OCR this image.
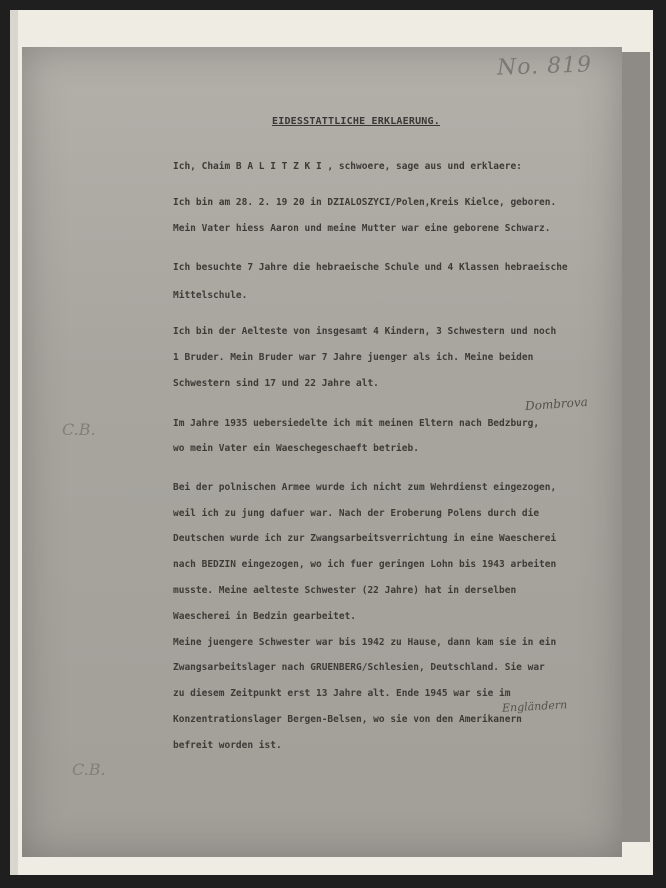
No. 819
EIDESSTATTLICHE ERKLAERUNG.
Ich, Chaim B A L I T Z K I , schwoere, sage aus und erklaere:
Ich bin am 28. 2. 19 20 in DZIALOSZYCI/Polen,Kreis Kielce, geboren.
Mein Vater hiess Aaron und meine Mutter war eine geborene Schwarz.
Ich besuchte 7 Jahre die hebraeische Schule und 4 Klassen hebraeische
Mittelschule.
Ich bin der Aelteste von insgesamt 4 Kindern, 3 Schwestern und noch
1 Bruder. Mein Bruder war 7 Jahre juenger als ich. Meine beiden
Schwestern sind 17 und 22 Jahre alt.
Im Jahre 1935 uebersiedelte ich mit meinen Eltern nach Bedzburg,
wo mein Vater ein Waeschegeschaeft betrieb.
Bei der polnischen Armee wurde ich nicht zum Wehrdienst eingezogen,
weil ich zu jung dafuer war. Nach der Eroberung Polens durch die
Deutschen wurde ich zur Zwangsarbeitsverrichtung in eine Waescherei
nach BEDZIN eingezogen, wo ich fuer geringen Lohn bis 1943 arbeiten
musste. Meine aelteste Schwester (22 Jahre) hat in derselben
Waescherei in Bedzin gearbeitet.
Meine juengere Schwester war bis 1942 zu Hause, dann kam sie in ein
Zwangsarbeitslager nach GRUENBERG/Schlesien, Deutschland. Sie war
zu diesem Zeitpunkt erst 13 Jahre alt. Ende 1945 war sie im
Konzentrationslager Bergen-Belsen, wo sie von den Amerikanern
befreit worden ist.
Dombrova
Engländern
C.B.
C.B.
